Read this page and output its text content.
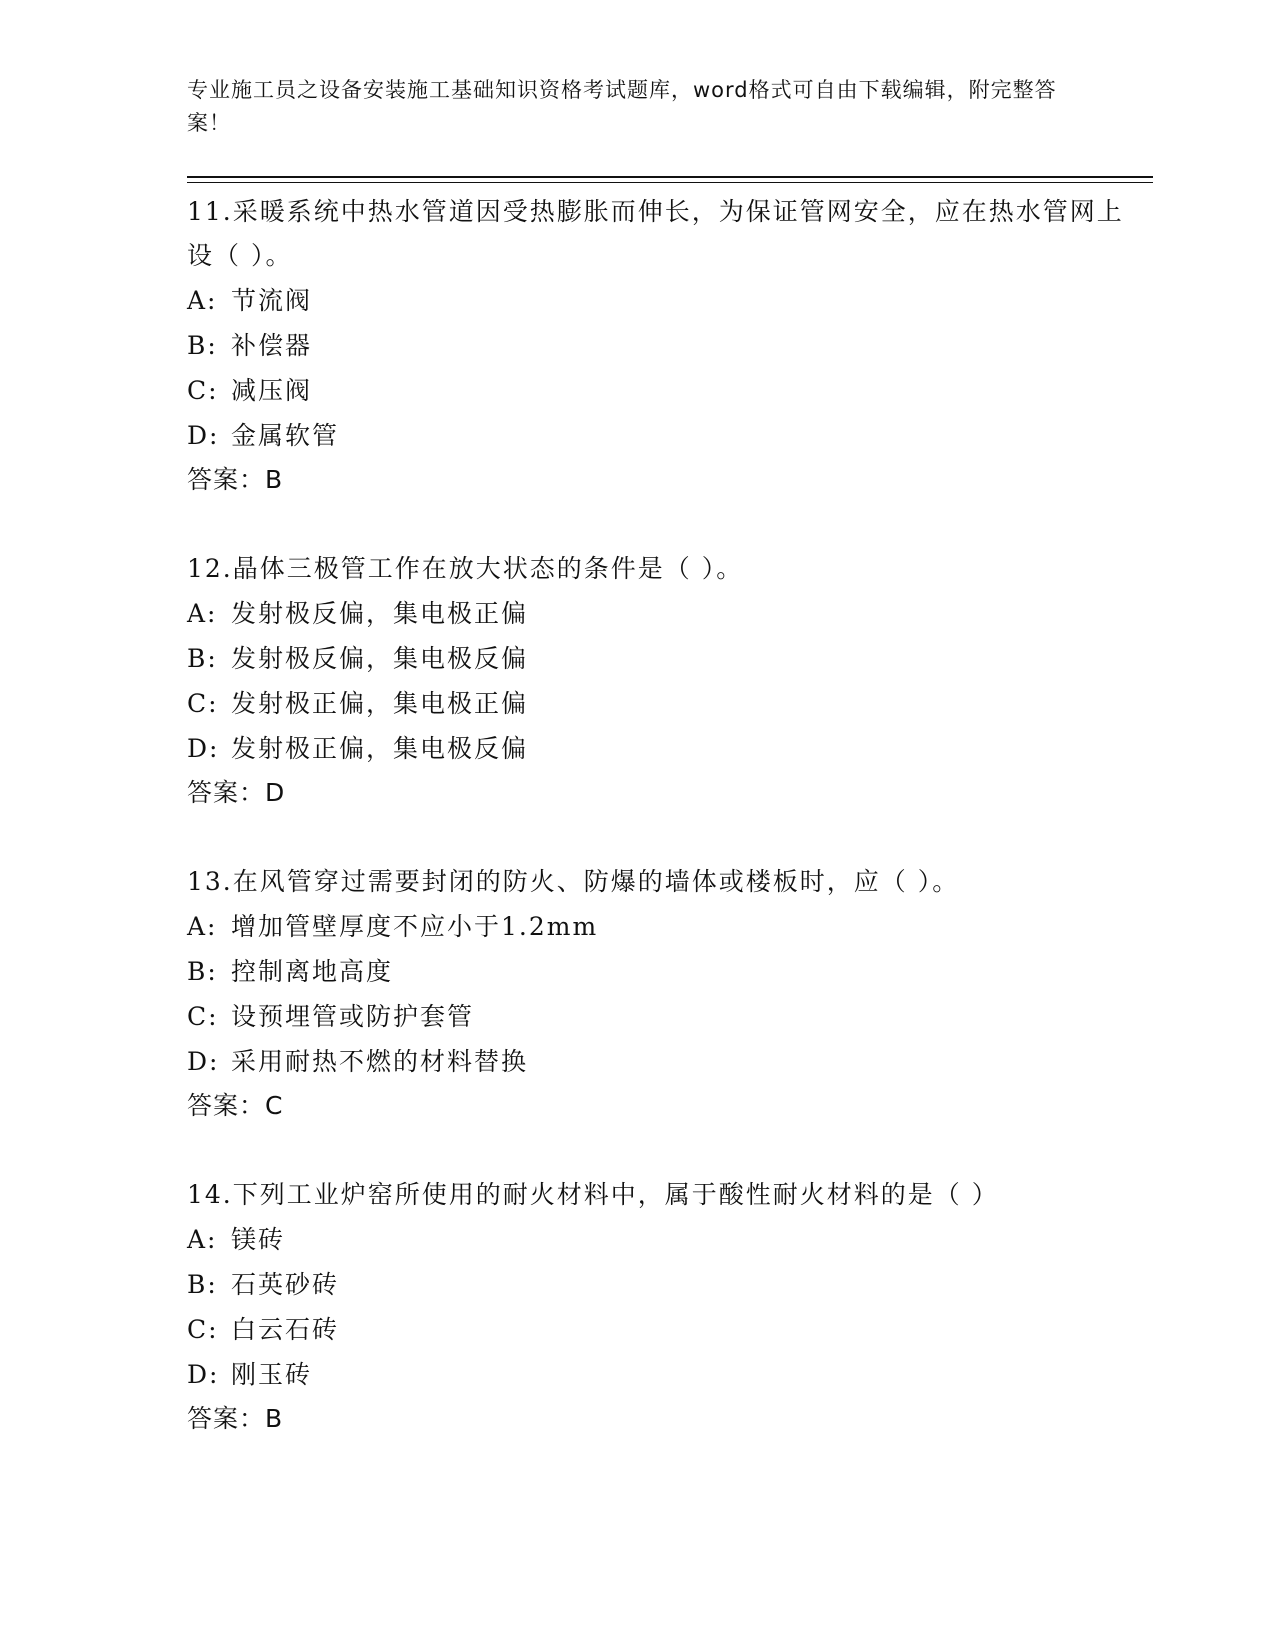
专业施工员之设备安装施工基础知识资格考试题库，word格式可自由下载编辑，附完整答案！

11.采暖系统中热水管道因受热膨胀而伸长，为保证管网安全，应在热水管网上设（ ）。

A: 节流阀
B: 补偿器
C: 减压阀
D: 金属软管
答案：B

12.晶体三极管工作在放大状态的条件是（ ）。

A: 发射极反偏，集电极正偏
B: 发射极反偏，集电极反偏
C: 发射极正偏，集电极正偏
D: 发射极正偏，集电极反偏
答案：D

13.在风管穿过需要封闭的防火、防爆的墙体或楼板时，应（ ）。

A: 增加管壁厚度不应小于1.2mm
B: 控制离地高度
C: 设预埋管或防护套管
D: 采用耐热不燃的材料替换
答案：C

14.下列工业炉窑所使用的耐火材料中，属于酸性耐火材料的是（ ）

A: 镁砖
B: 石英砂砖
C: 白云石砖
D: 刚玉砖
答案：B
